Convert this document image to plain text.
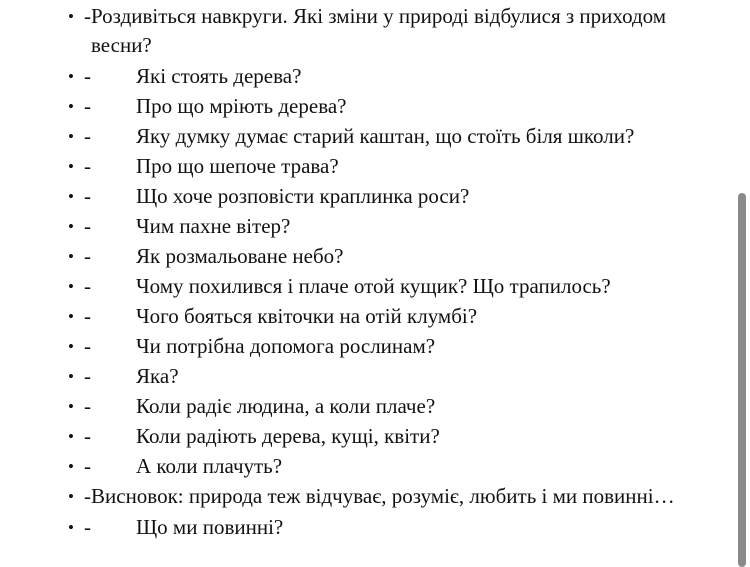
• - Роздивіться навкруги. Які зміни у природі відбулися з приходом весни?
• -	Які стоять дерева?
• -	Про що мріють дерева?
• -	Яку думку думає старий каштан, що стоїть біля школи?
• -	Про що шепоче трава?
• -	Що хоче розповісти краплинка роси?
• -	Чим пахне вітер?
• -	Як розмальоване небо?
• -	Чому похилився і плаче отой кущик? Що трапилось?
• -	Чого бояться квіточки на отій клумбі?
• -	Чи потрібна допомога рослинам?
• -	Яка?
• -	Коли радіє людина, а коли плаче?
• -	Коли радіють дерева, кущі, квіти?
• -	А коли плачуть?
• - Висновок: природа теж відчуває, розуміє, любить і ми повинні…
• -	Що ми повинні?
